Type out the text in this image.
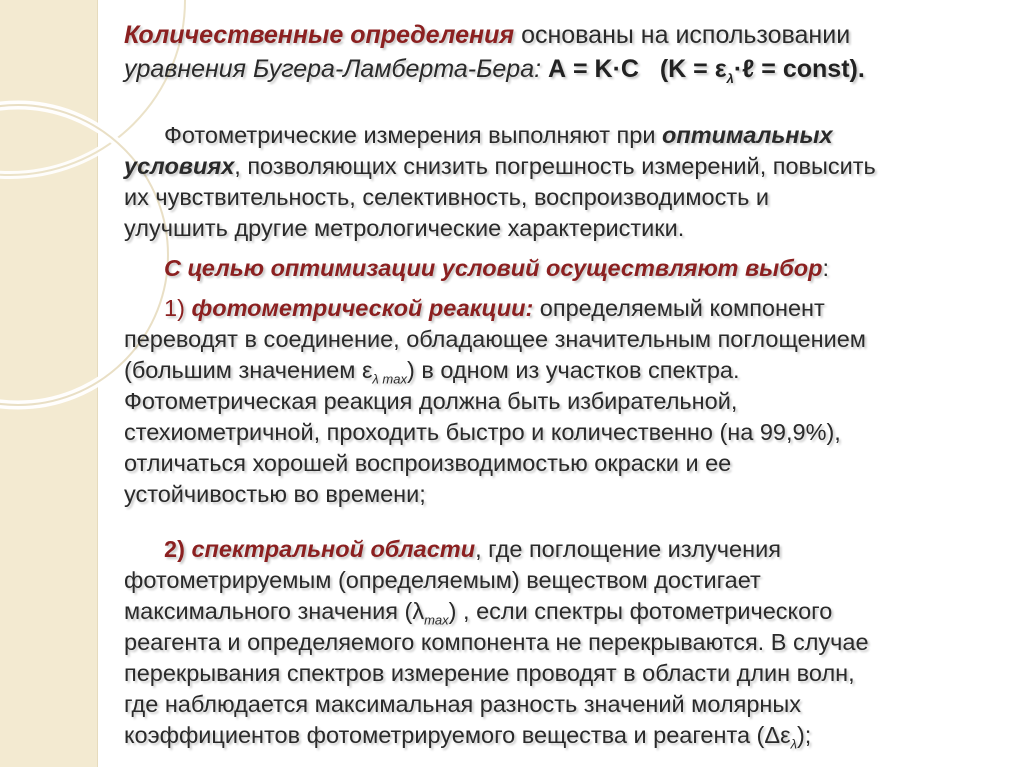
Количественные определения основаны на использовании

уравнения Бугера-Ламберта-Бера: А = K·C ($K = \varepsilon_\lambda\cdot\ell$ = const).

Фотометрические измерения выполняют при оптимальных

условиях, позволяющих снизить погрешность измерений, повысить

их чувствительность, селективность, воспроизводимость и

улучшить другие метрологические характеристики.

С целью оптимизации условий осуществляют выбор:

1) фотометрической реакции: определяемый компонент

переводят в соединение, обладающее значительным поглощением

(большим значением $\varepsilon_{\lambda max}$) в одном из участков спектра.

Фотометрическая реакция должна быть избирательной,

стехиометричной, проходить быстро и количественно (на 99,9%),

отличаться хорошей воспроизводимостью окраски и ее

устойчивостью во времени;

2) спектральной области, где поглощение излучения

фотометрируемым (определяемым) веществом достигает

максимального значения $(\lambda_{max})$ , если спектры фотометрического

реагента и определяемого компонента не перекрываются. В случае

перекрывания спектров измерение проводят в области длин волн,

где наблюдается максимальная разность значений молярных

коэффициентов фотометрируемого вещества и реагента $(\Delta\varepsilon_\lambda)$;
